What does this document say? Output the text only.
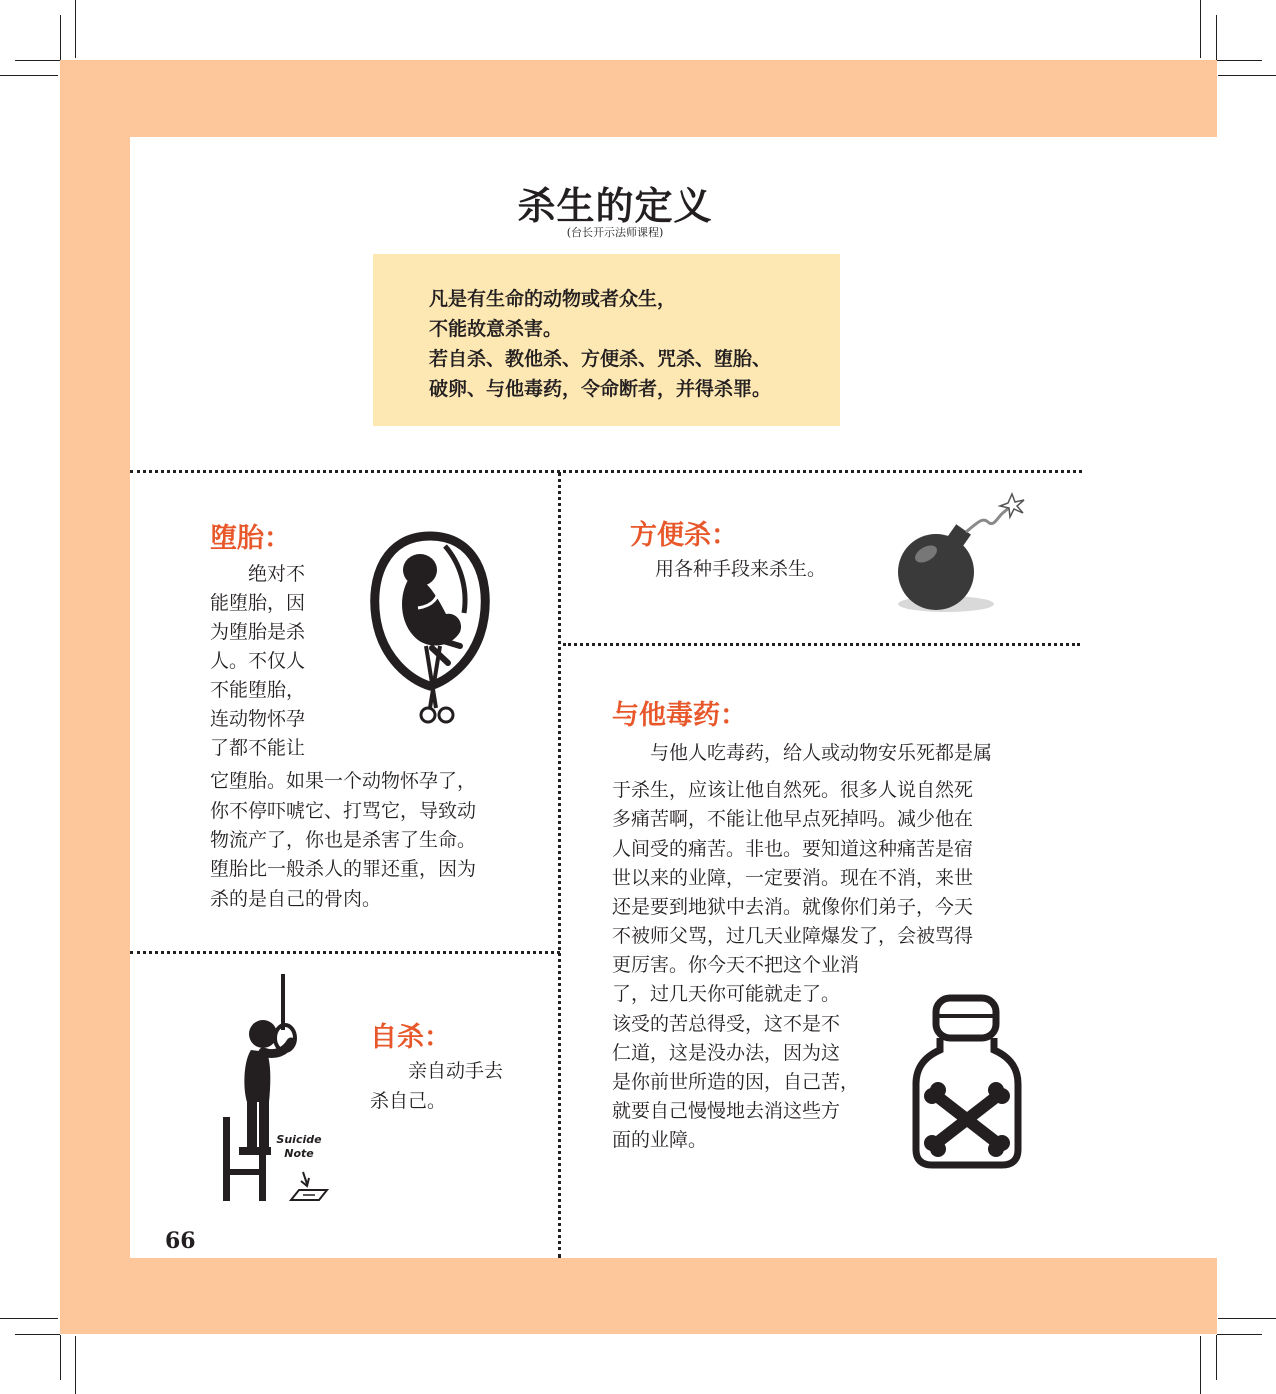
杀生的定义
(台长开示法师课程)
凡是有生命的动物或者众生，
不能故意杀害。
若自杀、教他杀、方便杀、咒杀、堕胎、
破卵、与他毒药，令命断者，并得杀罪。
堕胎：
绝对不
能堕胎，因
为堕胎是杀
人。不仅人
不能堕胎，
连动物怀孕
了都不能让
它堕胎。如果一个动物怀孕了，
你不停吓唬它、打骂它，导致动
物流产了，你也是杀害了生命。
堕胎比一般杀人的罪还重，因为
杀的是自己的骨肉。
方便杀：
用各种手段来杀生。
与他毒药：
与他人吃毒药，给人或动物安乐死都是属
于杀生，应该让他自然死。很多人说自然死
多痛苦啊，不能让他早点死掉吗。减少他在
人间受的痛苦。非也。要知道这种痛苦是宿
世以来的业障，一定要消。现在不消，来世
还是要到地狱中去消。就像你们弟子，今天
不被师父骂，过几天业障爆发了，会被骂得
更厉害。你今天不把这个业消
了，过几天你可能就走了。
该受的苦总得受，这不是不
仁道，这是没办法，因为这
是你前世所造的因，自己苦，
就要自己慢慢地去消这些方
面的业障。
自杀：
亲自动手去
杀自己。
Suicide
Note
66
